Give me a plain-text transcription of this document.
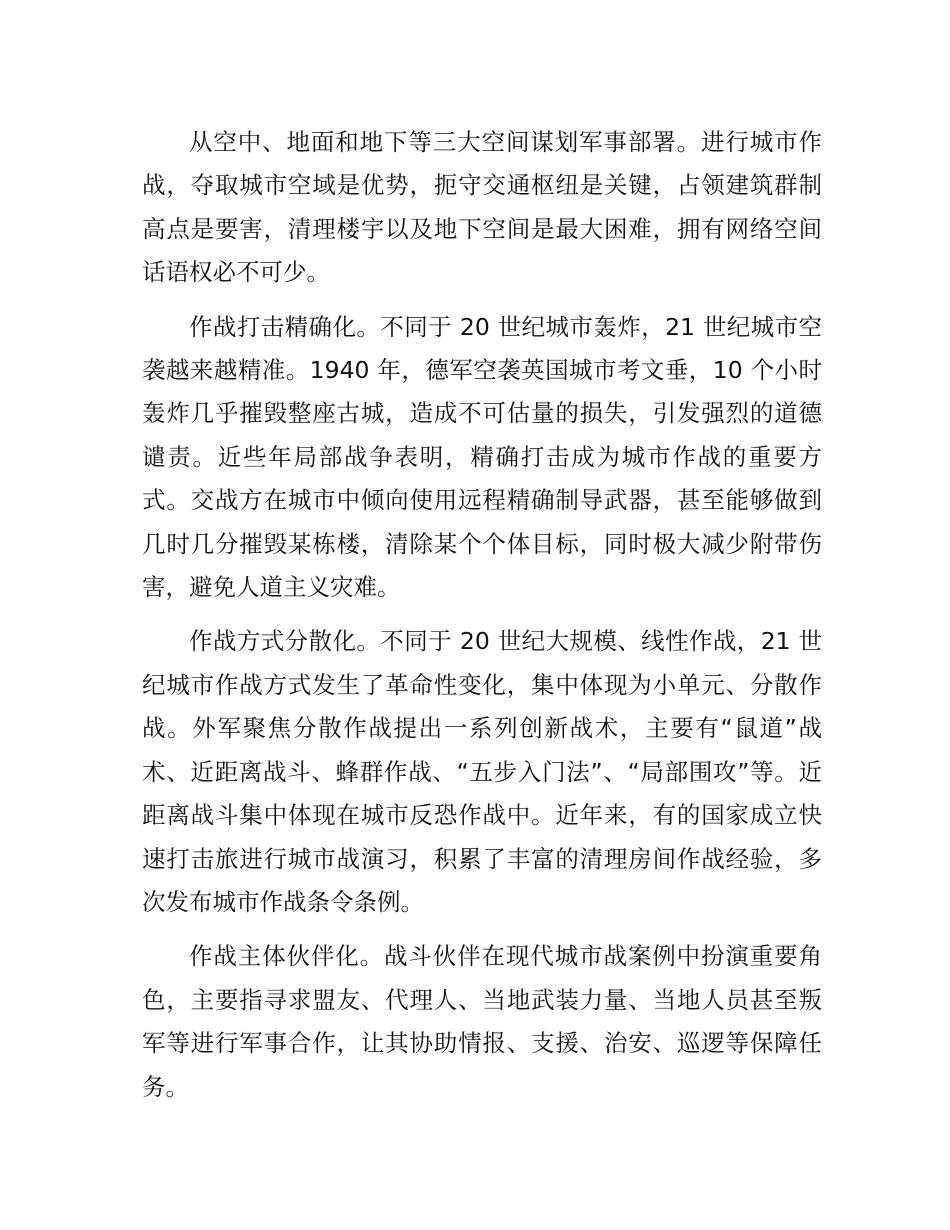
从空中、地面和地下等三大空间谋划军事部署。进行城市作战，夺取城市空域是优势，扼守交通枢纽是关键，占领建筑群制高点是要害，清理楼宇以及地下空间是最大困难，拥有网络空间话语权必不可少。

作战打击精确化。不同于 20 世纪城市轰炸，21 世纪城市空袭越来越精准。1940 年，德军空袭英国城市考文垂，10 个小时轰炸几乎摧毁整座古城，造成不可估量的损失，引发强烈的道德谴责。近些年局部战争表明，精确打击成为城市作战的重要方式。交战方在城市中倾向使用远程精确制导武器，甚至能够做到几时几分摧毁某栋楼，清除某个个体目标，同时极大减少附带伤害，避免人道主义灾难。

作战方式分散化。不同于 20 世纪大规模、线性作战，21 世纪城市作战方式发生了革命性变化，集中体现为小单元、分散作战。外军聚焦分散作战提出一系列创新战术，主要有“鼠道”战术、近距离战斗、蜂群作战、“五步入门法”、“局部围攻”等。近距离战斗集中体现在城市反恐作战中。近年来，有的国家成立快速打击旅进行城市战演习，积累了丰富的清理房间作战经验，多次发布城市作战条令条例。

作战主体伙伴化。战斗伙伴在现代城市战案例中扮演重要角色，主要指寻求盟友、代理人、当地武装力量、当地人员甚至叛军等进行军事合作，让其协助情报、支援、治安、巡逻等保障任务。
